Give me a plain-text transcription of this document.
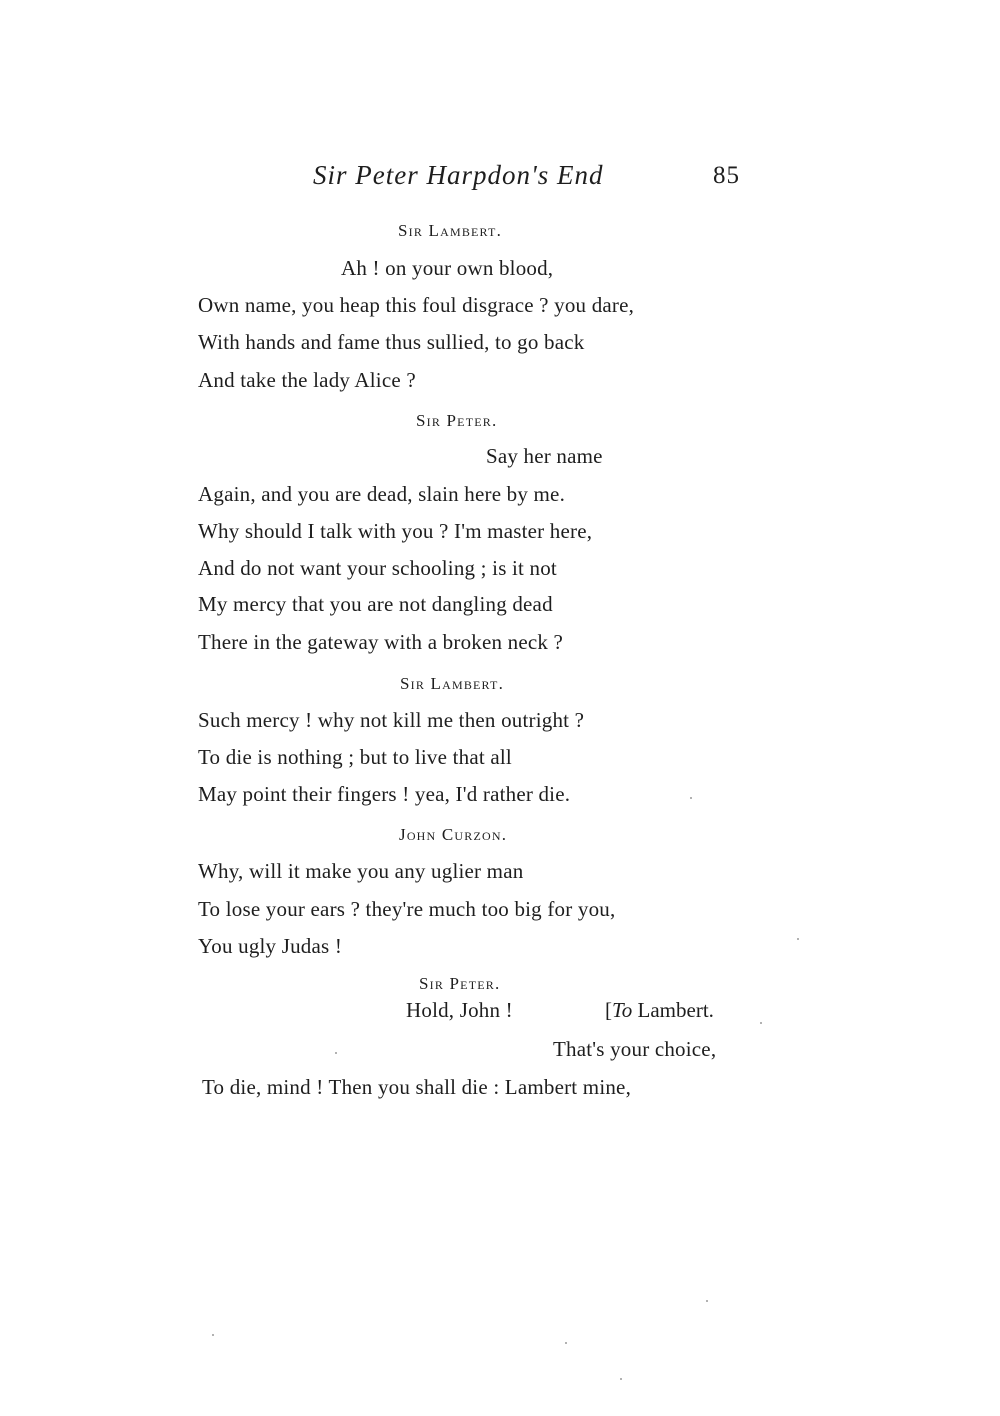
Sir Peter Harpdon's End	85
Sir Lambert.
Ah ! on your own blood,
Own name, you heap this foul disgrace ? you dare,
With hands and fame thus sullied, to go back
And take the lady Alice ?
Sir Peter.
Say her name
Again, and you are dead, slain here by me.
Why should I talk with you ? I'm master here,
And do not want your schooling ; is it not
My mercy that you are not dangling dead
There in the gateway with a broken neck ?
Sir Lambert.
Such mercy ! why not kill me then outright ?
To die is nothing ; but to live that all
May point their fingers ! yea, I'd rather die.
John Curzon.
Why, will it make you any uglier man
To lose your ears ? they're much too big for you,
You ugly Judas !
Sir Peter.
Hold, John !	[To Lambert.
That's your choice,
To die, mind ! Then you shall die : Lambert mine,
